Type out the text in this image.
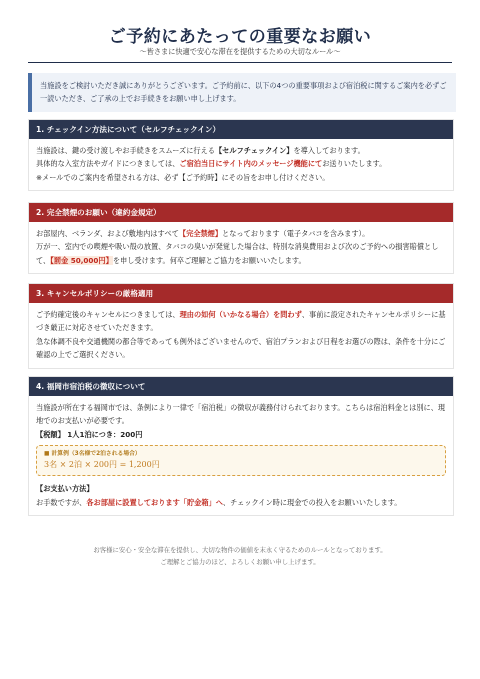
ご予約にあたっての重要なお願い
〜皆さまに快適で安心な滞在を提供するための大切なルール〜
当施設をご検討いただき誠にありがとうございます。ご予約前に、以下の4つの重要事項および宿泊税に関するご案内を必ずご一読いただき、ご了承の上でお手続きをお願い申し上げます。
1. チェックイン方法について（セルフチェックイン）

当施設は、鍵の受け渡しやお手続きをスムーズに行える【セルフチェックイン】を導入しております。

具体的な入室方法やガイドにつきましては、ご宿泊当日にサイト内のメッセージ機能にてお送りいたします。

※メールでのご案内を希望される方は、必ず【ご予約時】にその旨をお申し付けください。

2. 完全禁煙のお願い（違約金規定）

お部屋内、ベランダ、および敷地内はすべて【完全禁煙】となっております（電子タバコを含みます）。

万が一、室内での喫煙や吸い殻の放置、タバコの臭いが発覚した場合は、特別な消臭費用および次のご予約への損害賠償として、【罰金 50,000円】を申し受けます。何卒ご理解とご協力をお願いいたします。

3. キャンセルポリシーの厳格適用

ご予約確定後のキャンセルにつきましては、理由の如何（いかなる場合）を問わず、事前に設定されたキャンセルポリシーに基づき厳正に対応させていただきます。

急な体調不良や交通機関の都合等であっても例外はございませんので、宿泊プランおよび日程をお選びの際は、条件を十分にご確認の上でご選択ください。

4. 福岡市宿泊税の徴収について

当施設が所在する福岡市では、条例により一律で「宿泊税」の徴収が義務付けられております。こちらは宿泊料金とは別に、現地でのお支払いが必要です。

【税額】 1人1泊につき：200円

■ 計算例（3名様で2泊される場合）
3名 × 2泊 × 200円 = 1,200円

【お支払い方法】

お手数ですが、各お部屋に設置しております「貯金箱」へ、チェックイン時に現金での投入をお願いいたします。

お客様に安心・安全な滞在を提供し、大切な物件の価値を末永く守るためのルールとなっております。
ご理解とご協力のほど、よろしくお願い申し上げます。
